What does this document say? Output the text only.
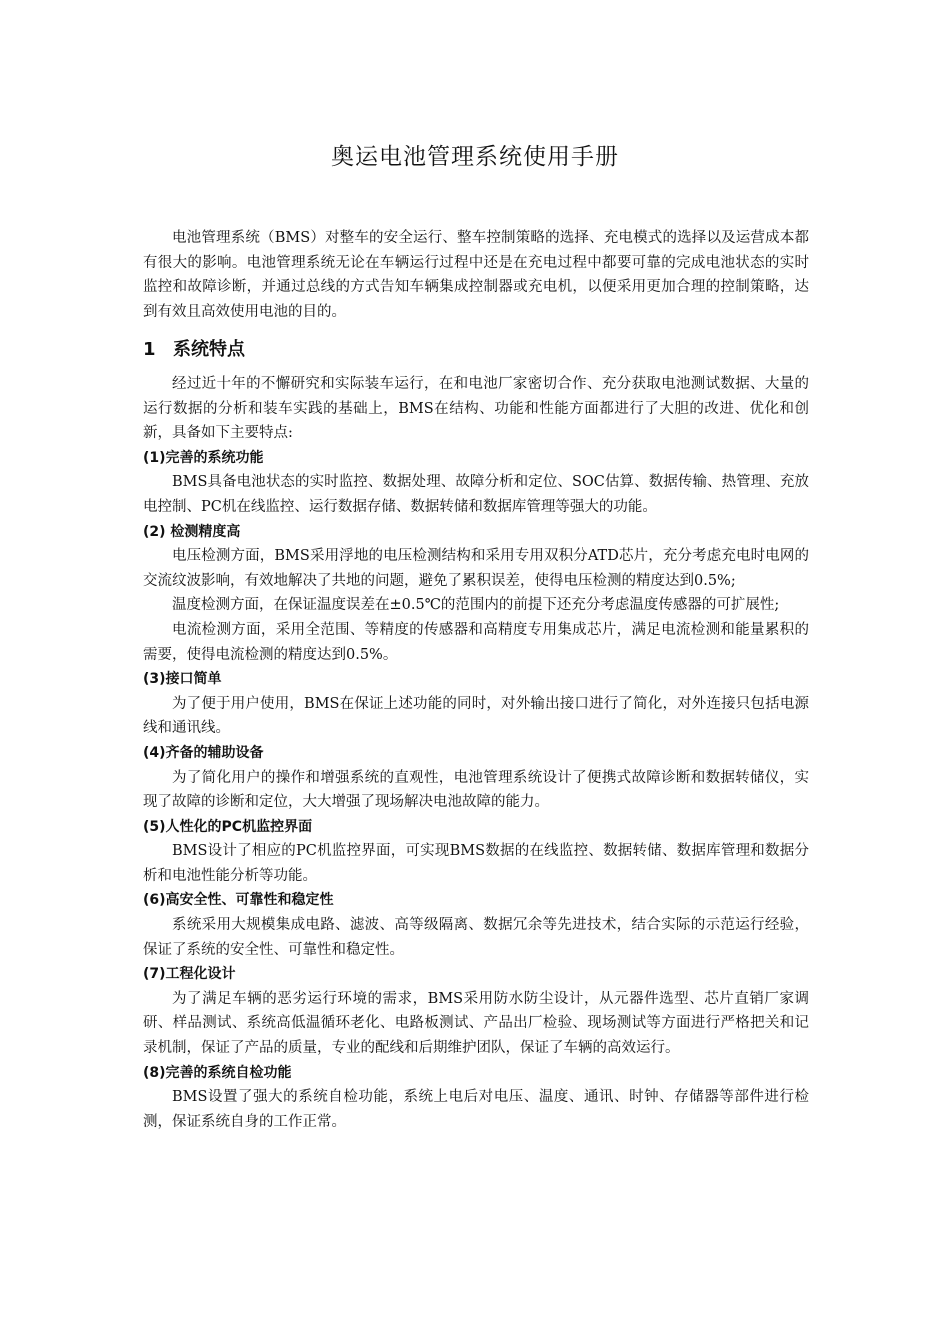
奥运电池管理系统使用手册

电池管理系统（BMS）对整车的安全运行、整车控制策略的选择、充电模式的选择以及运营成本都有很大的影响。电池管理系统无论在车辆运行过程中还是在充电过程中都要可靠的完成电池状态的实时监控和故障诊断，并通过总线的方式告知车辆集成控制器或充电机，以便采用更加合理的控制策略，达到有效且高效使用电池的目的。

1 系统特点

经过近十年的不懈研究和实际装车运行，在和电池厂家密切合作、充分获取电池测试数据、大量的运行数据的分析和装车实践的基础上，BMS在结构、功能和性能方面都进行了大胆的改进、优化和创新，具备如下主要特点:

(1)完善的系统功能

BMS具备电池状态的实时监控、数据处理、故障分析和定位、SOC估算、数据传输、热管理、充放电控制、PC机在线监控、运行数据存储、数据转储和数据库管理等强大的功能。

(2) 检测精度高

电压检测方面，BMS采用浮地的电压检测结构和采用专用双积分ATD芯片，充分考虑充电时电网的交流纹波影响，有效地解决了共地的问题，避免了累积误差，使得电压检测的精度达到0.5%;

温度检测方面，在保证温度误差在±0.5℃的范围内的前提下还充分考虑温度传感器的可扩展性;

电流检测方面，采用全范围、等精度的传感器和高精度专用集成芯片，满足电流检测和能量累积的需要，使得电流检测的精度达到0.5%。

(3)接口简单

为了便于用户使用，BMS在保证上述功能的同时，对外输出接口进行了简化，对外连接只包括电源线和通讯线。

(4)齐备的辅助设备

为了简化用户的操作和增强系统的直观性，电池管理系统设计了便携式故障诊断和数据转储仪，实现了故障的诊断和定位，大大增强了现场解决电池故障的能力。

(5)人性化的PC机监控界面

BMS设计了相应的PC机监控界面，可实现BMS数据的在线监控、数据转储、数据库管理和数据分析和电池性能分析等功能。

(6)高安全性、可靠性和稳定性

系统采用大规模集成电路、滤波、高等级隔离、数据冗余等先进技术，结合实际的示范运行经验，保证了系统的安全性、可靠性和稳定性。

(7)工程化设计

为了满足车辆的恶劣运行环境的需求，BMS采用防水防尘设计，从元器件选型、芯片直销厂家调研、样品测试、系统高低温循环老化、电路板测试、产品出厂检验、现场测试等方面进行严格把关和记录机制，保证了产品的质量，专业的配线和后期维护团队，保证了车辆的高效运行。

(8)完善的系统自检功能

BMS设置了强大的系统自检功能，系统上电后对电压、温度、通讯、时钟、存储器等部件进行检测，保证系统自身的工作正常。
